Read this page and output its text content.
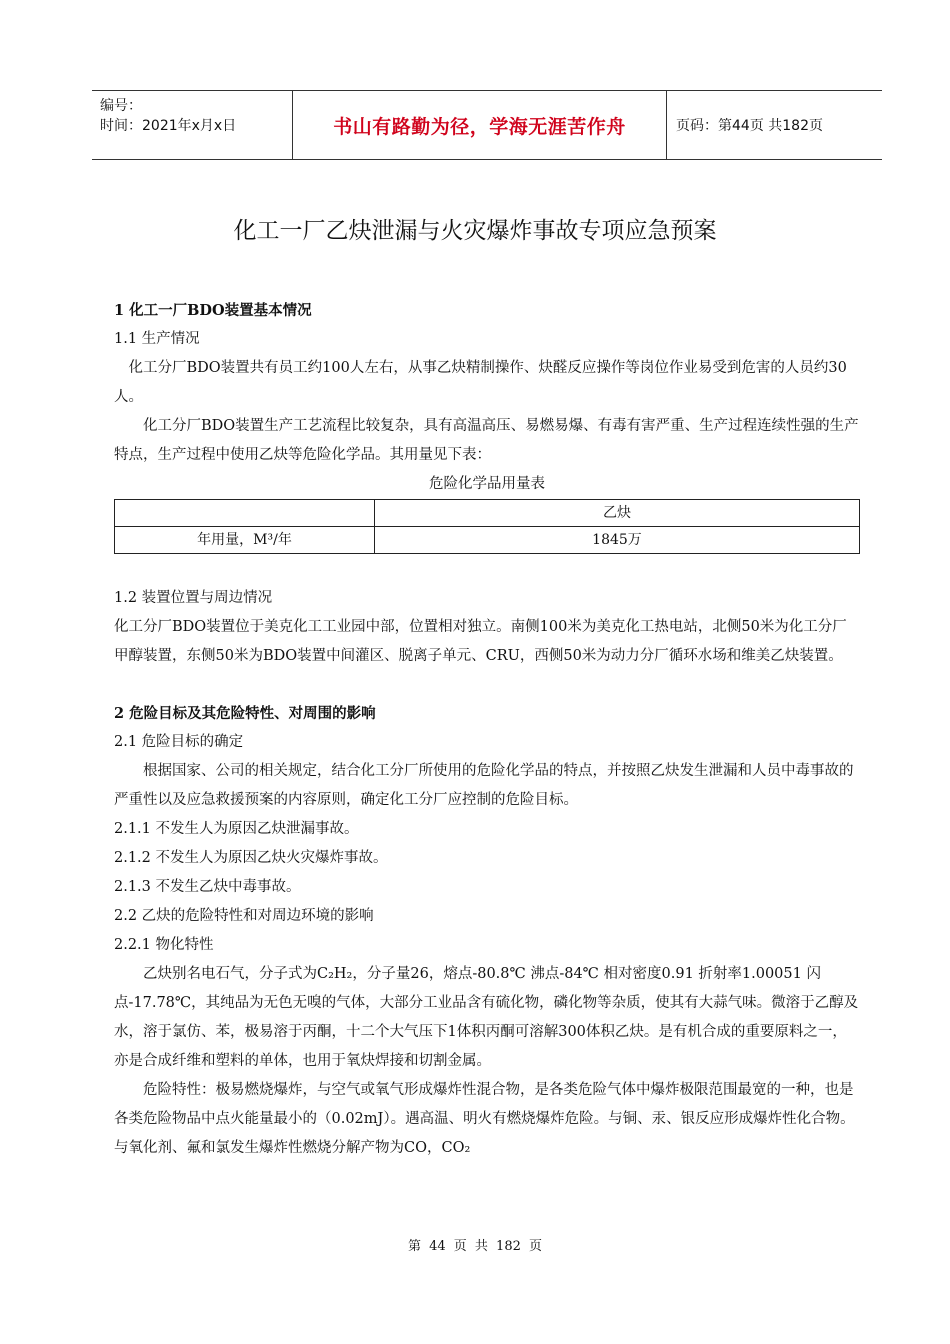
编号：
时间：2021年x月x日	书山有路勤为径，学海无涯苦作舟	页码：第44页 共182页
化工一厂乙炔泄漏与火灾爆炸事故专项应急预案

1 化工一厂BDO装置基本情况

1.1 生产情况

化工分厂BDO装置共有员工约100人左右，从事乙炔精制操作、炔醛反应操作等岗位作业易受到危害的人员约30人。

化工分厂BDO装置生产工艺流程比较复杂，具有高温高压、易燃易爆、有毒有害严重、生产过程连续性强的生产特点，生产过程中使用乙炔等危险化学品。其用量见下表：

危险化学品用量表

	乙炔
年用量，M³/年	1845万

1.2 装置位置与周边情况

化工分厂BDO装置位于美克化工工业园中部，位置相对独立。南侧100米为美克化工热电站，北侧50米为化工分厂甲醇装置，东侧50米为BDO装置中间灌区、脱离子单元、CRU，西侧50米为动力分厂循环水场和维美乙炔装置。

2 危险目标及其危险特性、对周围的影响

2.1 危险目标的确定

根据国家、公司的相关规定，结合化工分厂所使用的危险化学品的特点，并按照乙炔发生泄漏和人员中毒事故的严重性以及应急救援预案的内容原则，确定化工分厂应控制的危险目标。

2.1.1 不发生人为原因乙炔泄漏事故。

2.1.2 不发生人为原因乙炔火灾爆炸事故。

2.1.3 不发生乙炔中毒事故。

2.2 乙炔的危险特性和对周边环境的影响

2.2.1 物化特性

乙炔别名电石气，分子式为C₂H₂，分子量26，熔点-80.8℃ 沸点-84℃ 相对密度0.91 折射率1.00051 闪点-17.78℃，其纯品为无色无嗅的气体，大部分工业品含有硫化物，磷化物等杂质，使其有大蒜气味。微溶于乙醇及水，溶于氯仿、苯，极易溶于丙酮，十二个大气压下1体积丙酮可溶解300体积乙炔。是有机合成的重要原料之一，亦是合成纤维和塑料的单体，也用于氧炔焊接和切割金属。

危险特性：极易燃烧爆炸，与空气或氧气形成爆炸性混合物，是各类危险气体中爆炸极限范围最宽的一种，也是各类危险物品中点火能量最小的（0.02mJ）。遇高温、明火有燃烧爆炸危险。与铜、汞、银反应形成爆炸性化合物。与氧化剂、氟和氯发生爆炸性燃烧分解产物为CO，CO₂

第 44 页 共 182 页
